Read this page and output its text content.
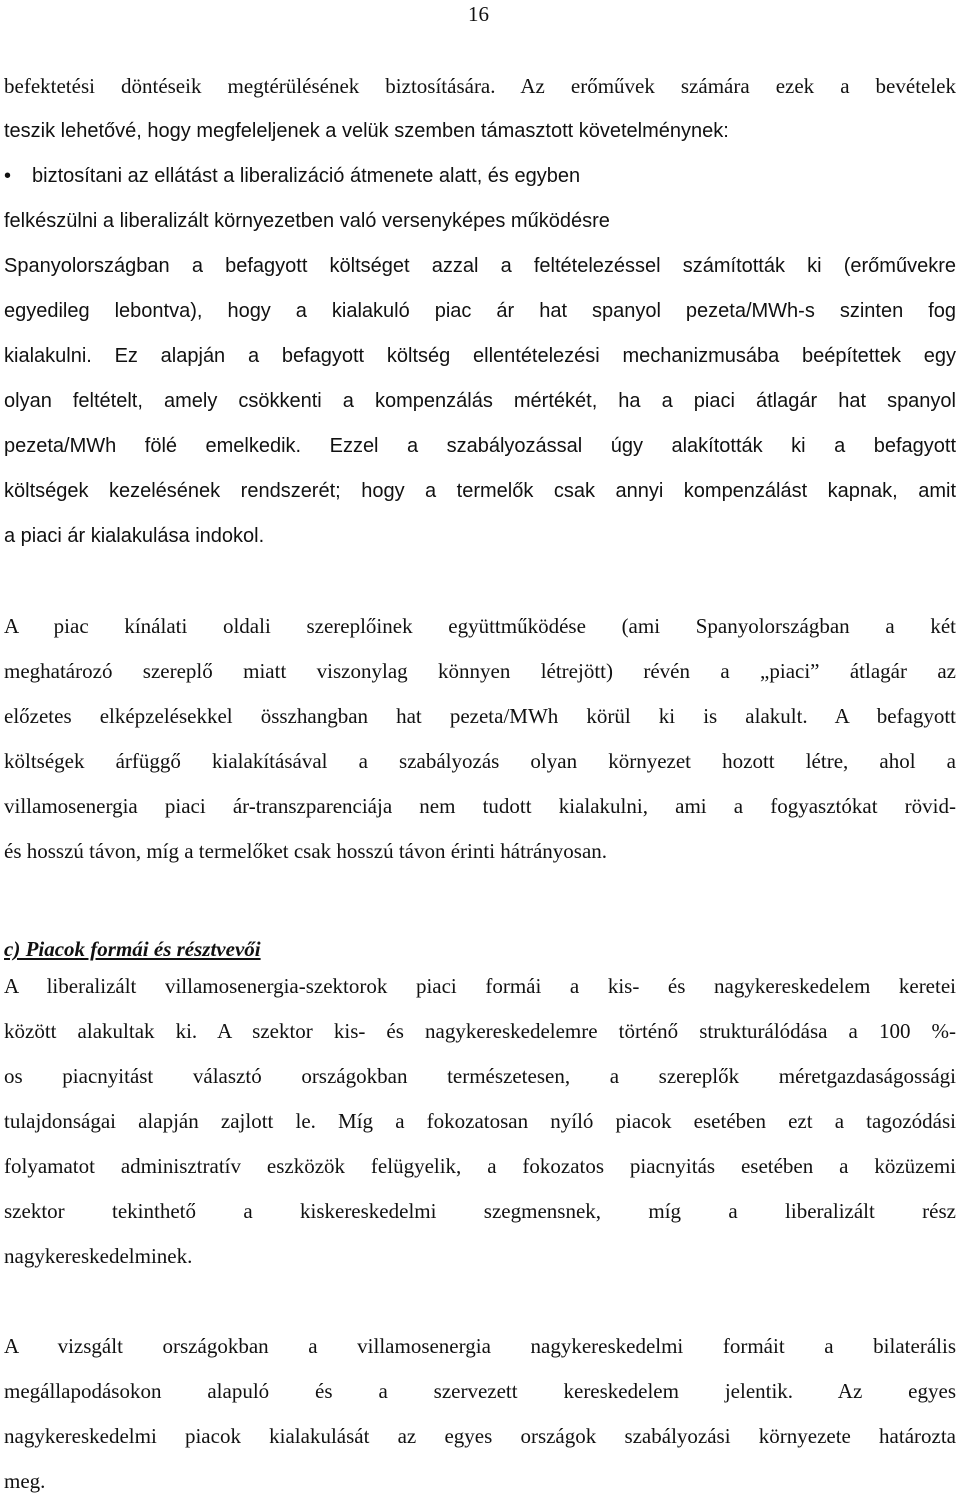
16
befektetési döntéseik megtérülésének biztosítására. Az erőművek számára ezek a bevételek
teszik lehetővé, hogy megfeleljenek a velük szemben támasztott követelménynek:
•	biztosítani az ellátást a liberalizáció átmenete alatt, és egyben
felkészülni a liberalizált környezetben való versenyképes működésre
Spanyolországban a befagyott költséget azzal a feltételezéssel számították ki (erőművekre
egyedileg lebontva), hogy a kialakuló piac ár hat spanyol pezeta/MWh-s szinten fog
kialakulni. Ez alapján a befagyott költség ellentételezési mechanizmusába beépítettek egy
olyan feltételt, amely csökkenti a kompenzálás mértékét, ha a piaci átlagár hat spanyol
pezeta/MWh fölé emelkedik. Ezzel a szabályozással úgy alakították ki a befagyott
költségek kezelésének rendszerét; hogy a termelők csak annyi kompenzálást kapnak, amit
a piaci ár kialakulása indokol.
A piac kínálati oldali szereplőinek együttműködése (ami Spanyolországban a két
meghatározó szereplő miatt viszonylag könnyen létrejött) révén a „piaci” átlagár az
előzetes elképzelésekkel összhangban hat pezeta/MWh körül ki is alakult. A befagyott
költségek árfüggő kialakításával a szabályozás olyan környezet hozott létre, ahol a
villamosenergia piaci ár-transzparenciája nem tudott kialakulni, ami a fogyasztókat rövid-
és hosszú távon, míg a termelőket csak hosszú távon érinti hátrányosan.
c) Piacok formái és résztvevői
A liberalizált villamosenergia-szektorok piaci formái a kis- és nagykereskedelem keretei
között alakultak ki. A szektor kis- és nagykereskedelemre történő strukturálódása a 100 %-
os piacnyitást választó országokban természetesen, a szereplők méretgazdaságossági
tulajdonságai alapján zajlott le. Míg a fokozatosan nyíló piacok esetében ezt a tagozódási
folyamatot adminisztratív eszközök felügyelik, a fokozatos piacnyitás esetében a közüzemi
szektor tekinthető a kiskereskedelmi szegmensnek, míg a liberalizált rész
nagykereskedelminek.
A vizsgált országokban a villamosenergia nagykereskedelmi formáit a bilaterális
megállapodásokon alapuló és a szervezett kereskedelem jelentik. Az egyes
nagykereskedelmi piacok kialakulását az egyes országok szabályozási környezete határozta
meg.
